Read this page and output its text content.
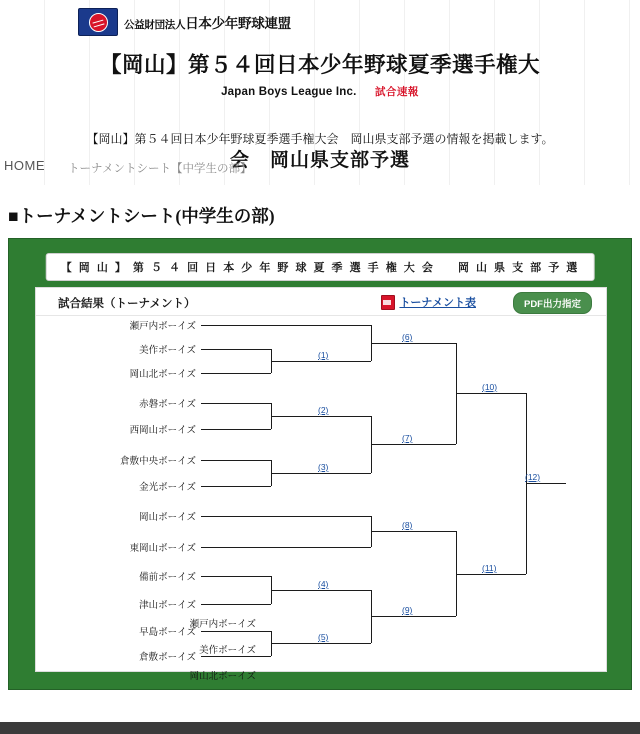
公益財団法人日本少年野球連盟
【岡山】第５４回日本少年野球夏季選手権大
Japan Boys League Inc. 試合速報
【岡山】第５４回日本少年野球夏季選手権大会　岡山県支部予選の情報を掲載します。
会　岡山県支部予選
HOME トーナメントシート【中学生の部】
■トーナメントシート(中学生の部)
【 岡 山 】 第 ５ ４ 回 日 本 少 年 野 球 夏 季 選 手 権 大 会 　 岡 山 県 支 部 予 選
試合結果（トーナメント）	トーナメント表	PDF出力指定
瀬戸内ボーイズ
美作ボーイズ
岡山北ボーイズ
瀬戸内ボーイズ
美作ボーイズ
岡山北ボーイズ
赤磐ボーイズ
西岡山ボーイズ
倉敷中央ボーイズ
金光ボーイズ
岡山ボーイズ
東岡山ボーイズ
備前ボーイズ
津山ボーイズ
早島ボーイズ
倉敷ボーイズ
(1)
(2)
(3)
(4)
(5)
(6)
(7)
(8)
(9)
(10)
(11)
(12)
